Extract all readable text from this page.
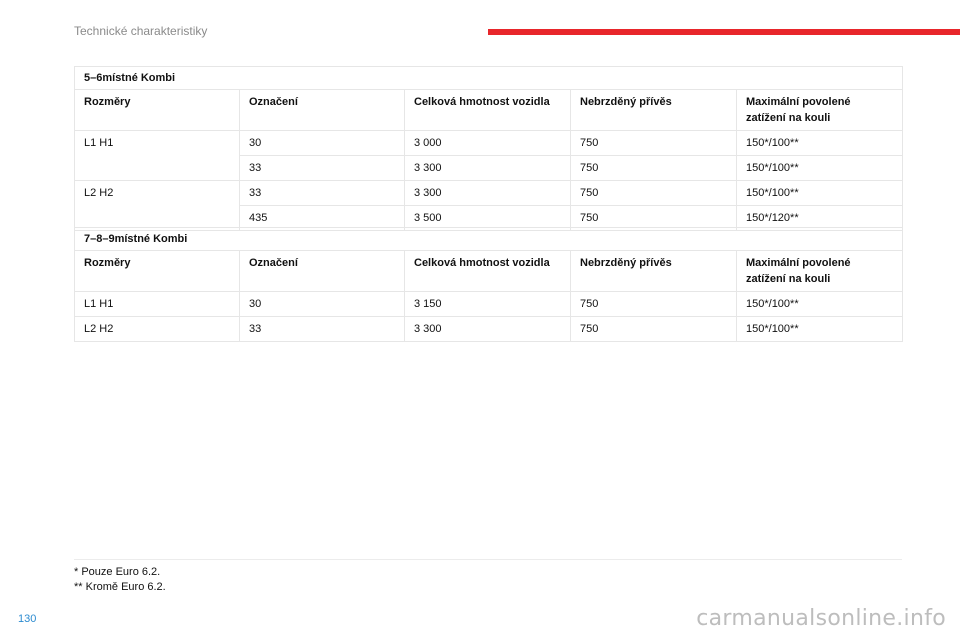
Technické charakteristiky
5–6místné Kombi				
Rozměry	Označení	Celková hmotnost vozidla	Nebrzděný přívěs	Maximální povolené zatížení na kouli
L1 H1	30	3 000	750	150*/100**
	33	3 300	750	150*/100**
L2 H2	33	3 300	750	150*/100**
	435	3 500	750	150*/120**
7–8–9místné Kombi				
Rozměry	Označení	Celková hmotnost vozidla	Nebrzděný přívěs	Maximální povolené zatížení na kouli
L1 H1	30	3 150	750	150*/100**
L2 H2	33	3 300	750	150*/100**
* Pouze Euro 6.2.
** Kromě Euro 6.2.
130	carmanualsonline.info
